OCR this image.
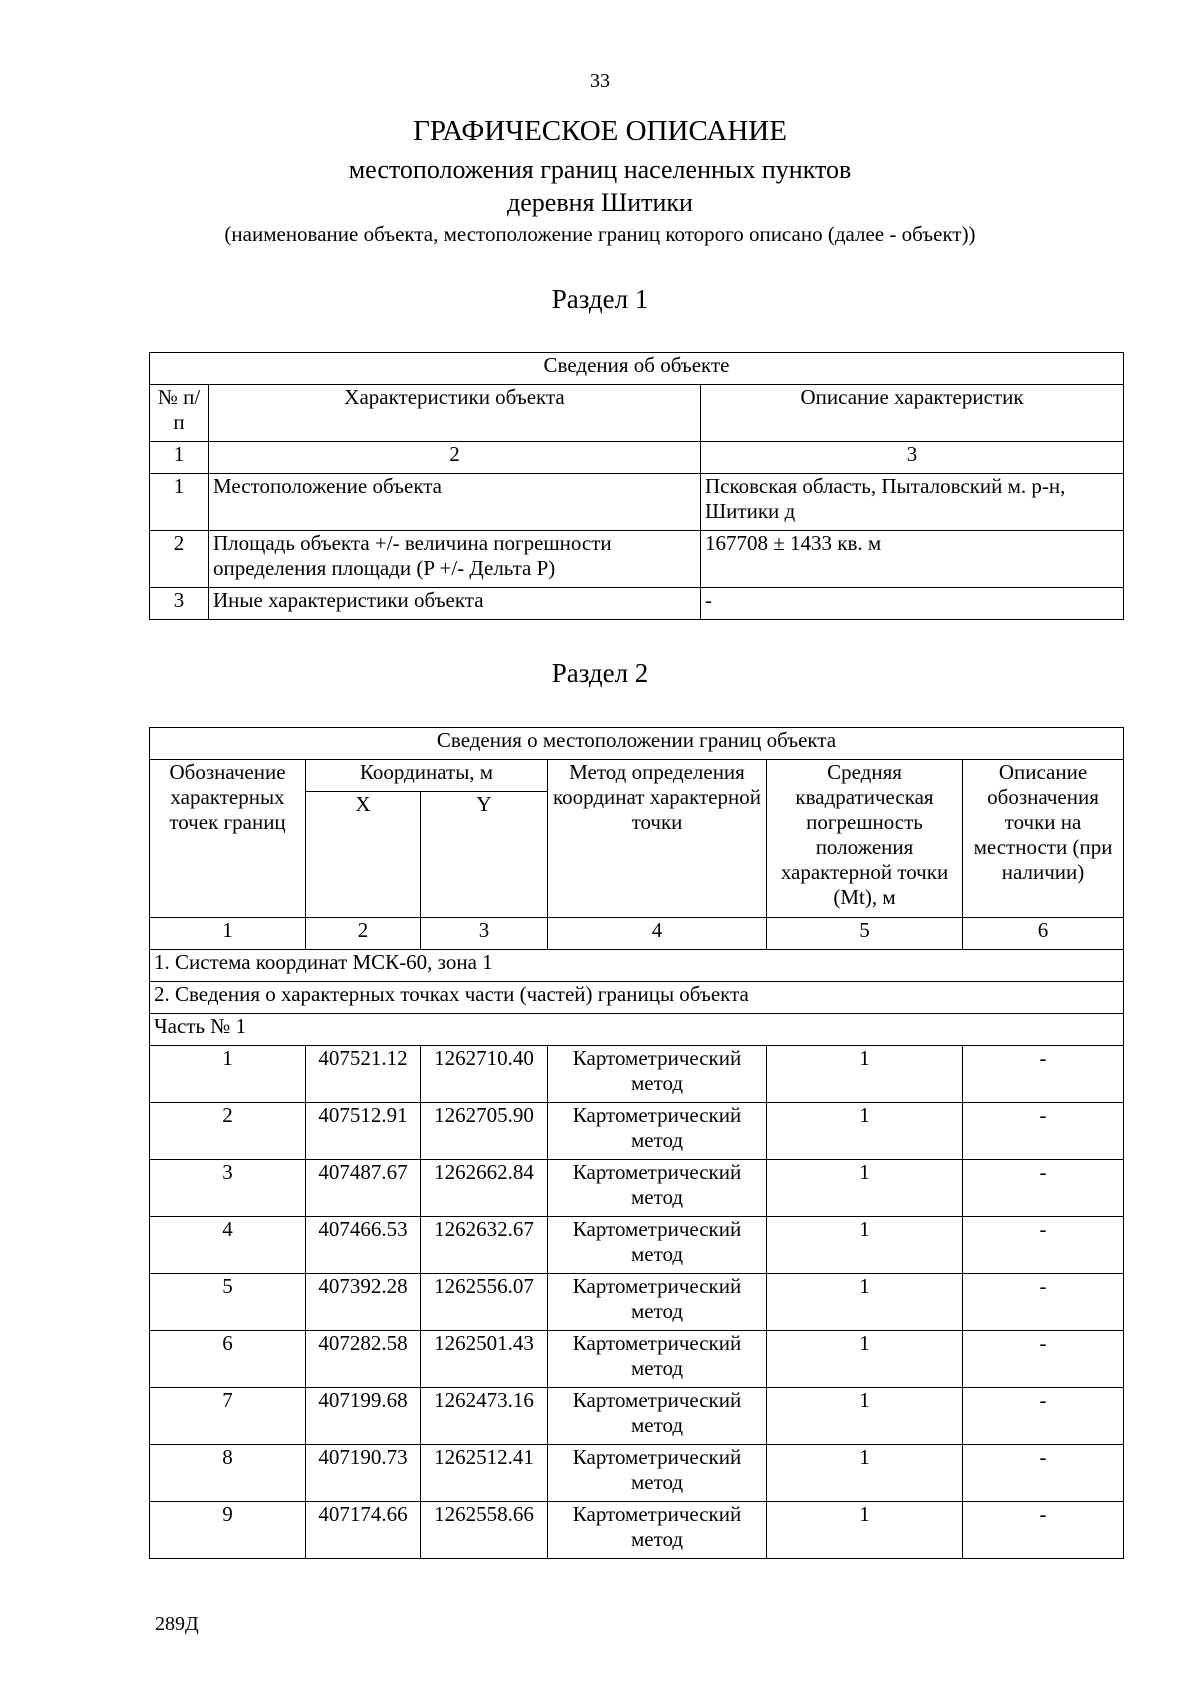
33
ГРАФИЧЕСКОЕ ОПИСАНИЕ
местоположения границ населенных пунктов
деревня Шитики
(наименование объекта, местоположение границ которого описано (далее - объект))
Раздел 1
Сведения об объекте		
№ п/п	Характеристики объекта	Описание характеристик
1	2	3
1	Местоположение объекта	Псковская область, Пыталовский м. р-н, Шитики д
2	Площадь объекта +/- величина погрешности определения площади (P +/- Дельта P)	167708 ± 1433 кв. м
3	Иные характеристики объекта	-
Раздел 2
Сведения о местоположении границ объекта					
Обозначение характерных точек границ	Координаты, м		Метод определения координат характерной точки	Средняя квадратическая погрешность положения характерной точки (Mt), м	Описание обозначения точки на местности (при наличии)
	X	Y			
1	2	3	4	5	6
1. Система координат МСК-60, зона 1					
2. Сведения о характерных точках части (частей) границы объекта					
Часть № 1					
1	407521.12	1262710.40	Картометрический метод	1	-
2	407512.91	1262705.90	Картометрический метод	1	-
3	407487.67	1262662.84	Картометрический метод	1	-
4	407466.53	1262632.67	Картометрический метод	1	-
5	407392.28	1262556.07	Картометрический метод	1	-
6	407282.58	1262501.43	Картометрический метод	1	-
7	407199.68	1262473.16	Картометрический метод	1	-
8	407190.73	1262512.41	Картометрический метод	1	-
9	407174.66	1262558.66	Картометрический метод	1	-
289Д
